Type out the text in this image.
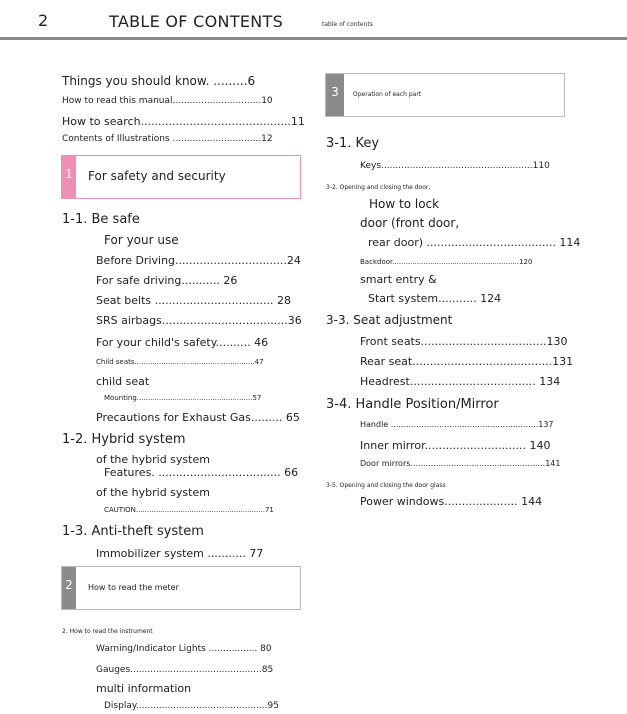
2	TABLE OF CONTENTS	table of contents
Things you should know. .........6
How to read this manual...............................10
How to search...........................................11
Contents of Illustrations ...............................12
1 For safety and security
1-1. Be safe
For your use
Before Driving................................24
For safe driving........... 26
Seat belts .................................. 28
SRS airbags....................................36
For your child's safety.......... 46
Child seats......................................................47
child seat
Mounting....................................................57
Precautions for Exhaust Gas......... 65
1-2. Hybrid system
of the hybrid system
Features. ................................... 66
of the hybrid system
CAUTION..........................................................71
1-3. Anti-theft system
Immobilizer system ........... 77
2	How to read the meter
2. How to read the instrument
Warning/Indicator Lights ................. 80
Gauges..............................................85
multi information
Display..............................................95
3	Operation of each part
3-1. Key
Keys.....................................................110
3-2. Opening and closing the door,
How to lock
door (front door,
rear door) ..................................... 114
Backdoor.........................................................120
smart entry &
Start system........... 124
3-3. Seat adjustment
Front seats....................................130
Rear seat........................................131
Headrest.................................... 134
3-4. Handle Position/Mirror
Handle ..........................................................137
Inner mirror............................. 140
Door mirrors.....................................................141
3-5. Opening and closing the door glass
Power windows..................... 144
